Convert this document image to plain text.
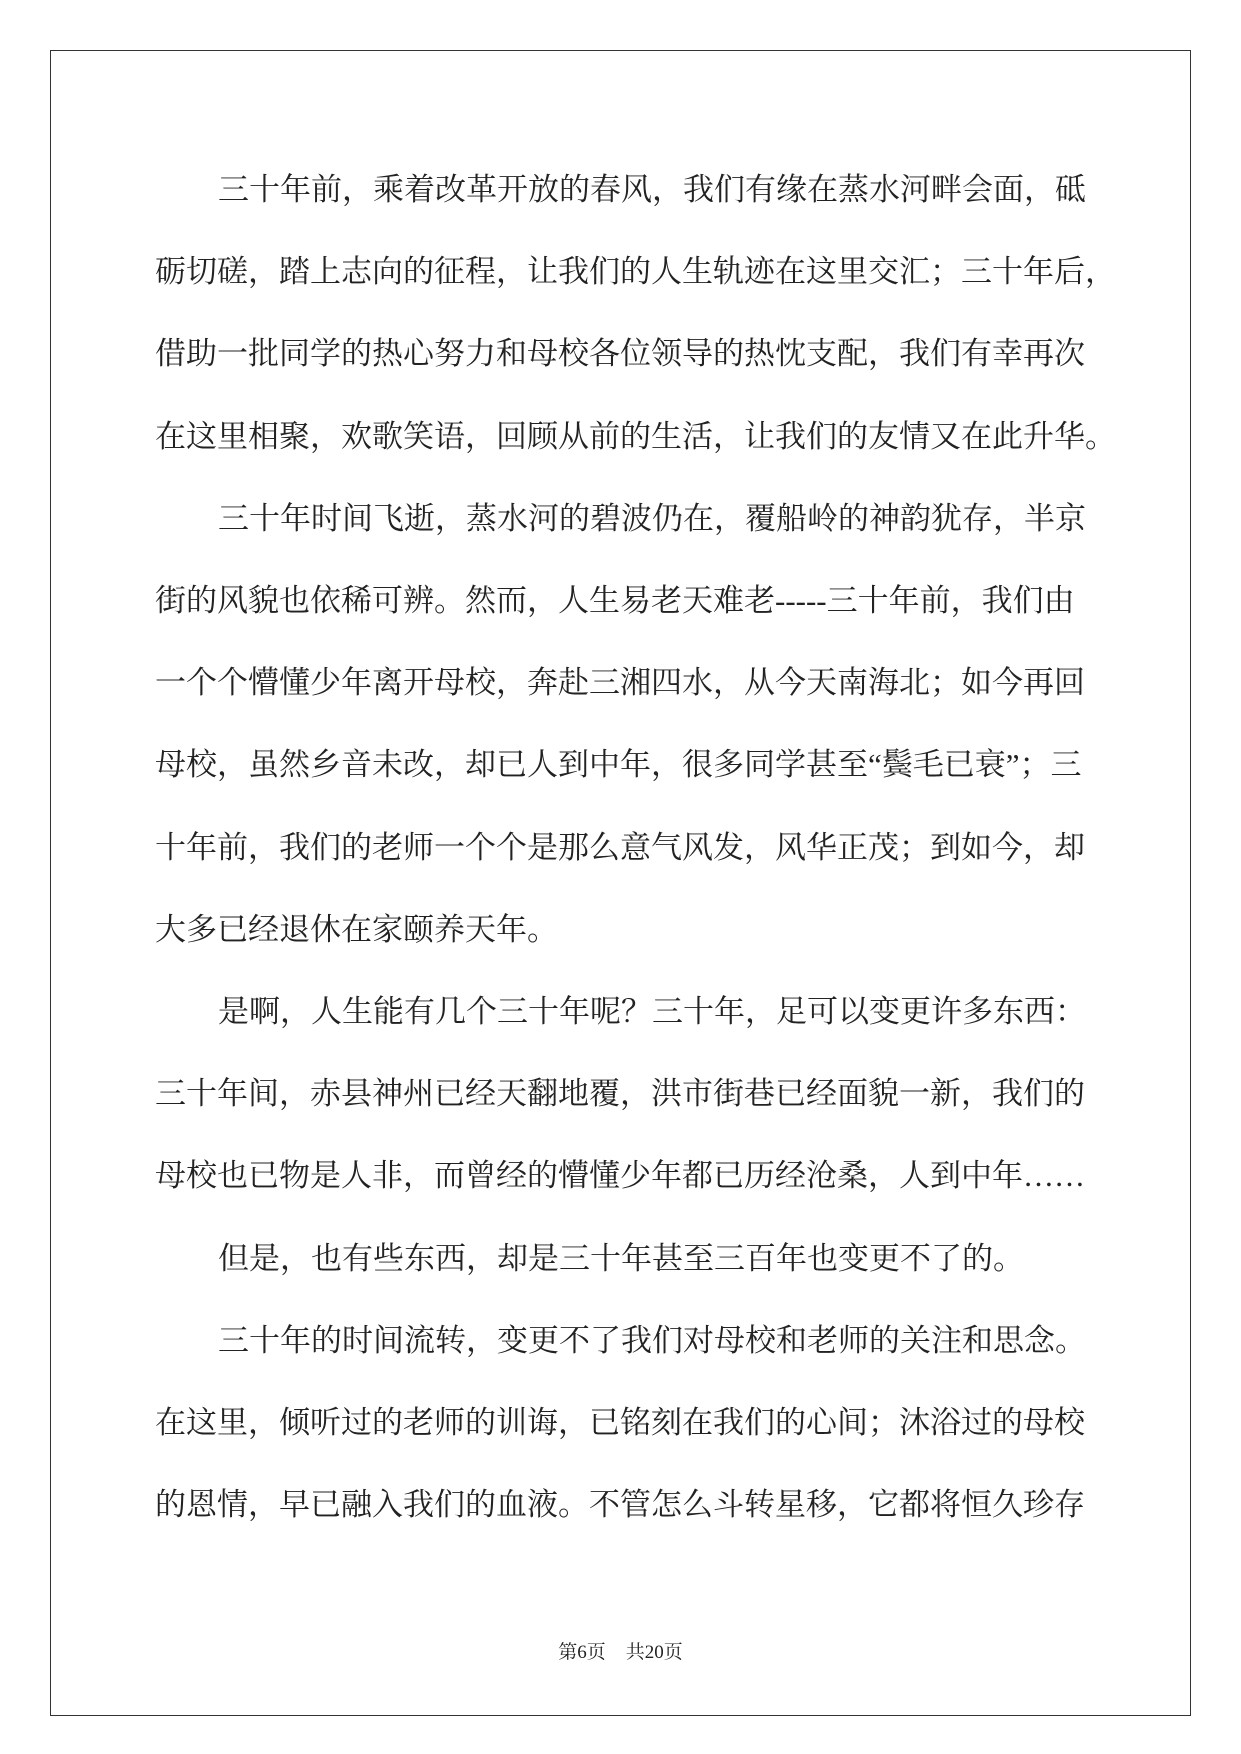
三十年前，乘着改革开放的春风，我们有缘在蒸水河畔会面，砥
砺切磋，踏上志向的征程，让我们的人生轨迹在这里交汇；三十年后，
借助一批同学的热心努力和母校各位领导的热忱支配，我们有幸再次
在这里相聚，欢歌笑语，回顾从前的生活，让我们的友情又在此升华。
三十年时间飞逝，蒸水河的碧波仍在，覆船岭的神韵犹存，半京
街的风貌也依稀可辨。然而，人生易老天难老-----三十年前，我们由
一个个懵懂少年离开母校，奔赴三湘四水，从今天南海北；如今再回
母校，虽然乡音未改，却已人到中年，很多同学甚至“鬓毛已衰”；三
十年前，我们的老师一个个是那么意气风发，风华正茂；到如今，却
大多已经退休在家颐养天年。
是啊，人生能有几个三十年呢？三十年，足可以变更许多东西：
三十年间，赤县神州已经天翻地覆，洪市街巷已经面貌一新，我们的
母校也已物是人非，而曾经的懵懂少年都已历经沧桑，人到中年……
但是，也有些东西，却是三十年甚至三百年也变更不了的。
三十年的时间流转，变更不了我们对母校和老师的关注和思念。
在这里，倾听过的老师的训诲，已铭刻在我们的心间；沐浴过的母校
的恩情，早已融入我们的血液。不管怎么斗转星移，它都将恒久珍存
第6页 共20页
